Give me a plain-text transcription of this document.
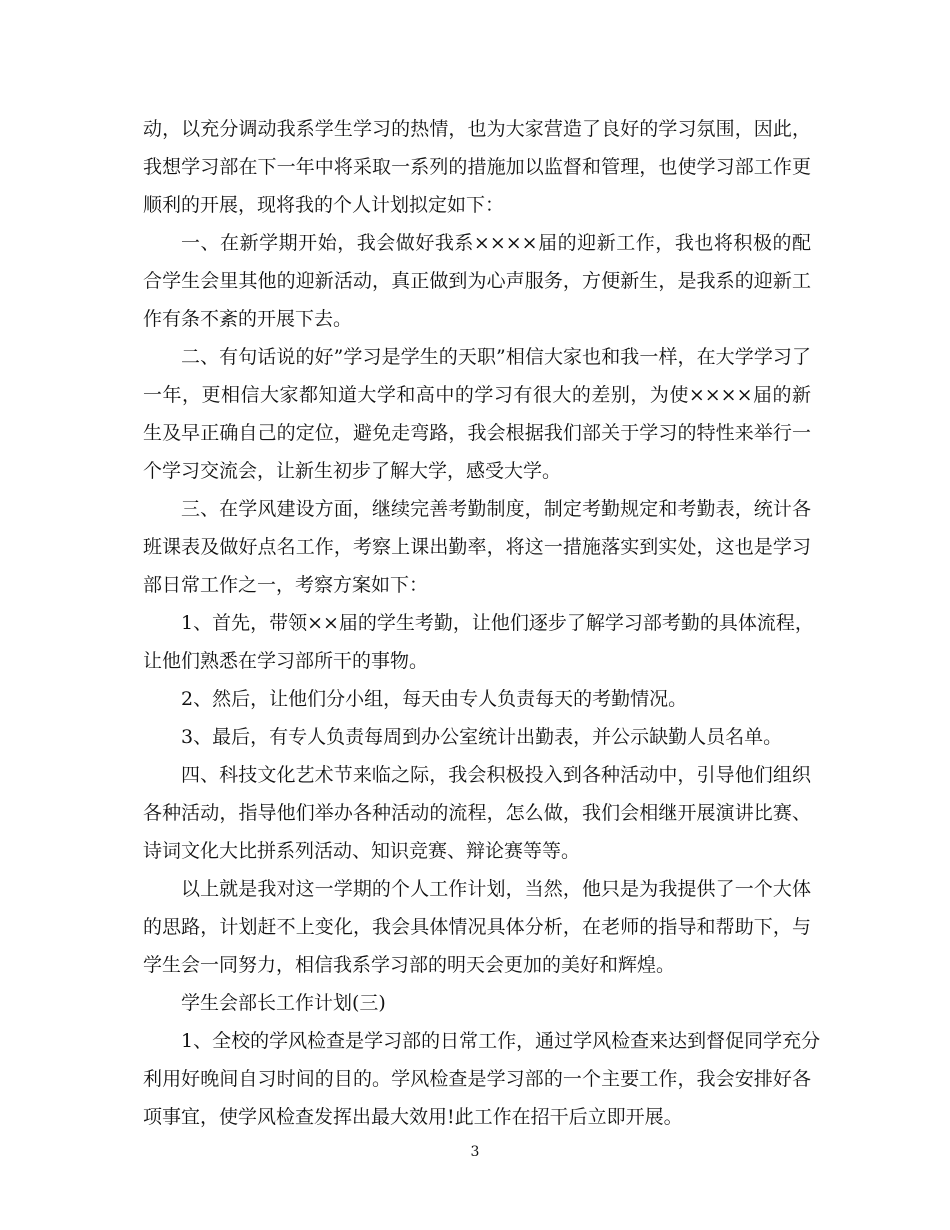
动，以充分调动我系学生学习的热情，也为大家营造了良好的学习氛围，因此，
我想学习部在下一年中将采取一系列的措施加以监督和管理，也使学习部工作更
顺利的开展，现将我的个人计划拟定如下：
一、在新学期开始，我会做好我系××××届的迎新工作，我也将积极的配
合学生会里其他的迎新活动，真正做到为心声服务，方便新生，是我系的迎新工
作有条不紊的开展下去。
二、有句话说的好”学习是学生的天职”相信大家也和我一样，在大学学习了
一年，更相信大家都知道大学和高中的学习有很大的差别，为使××××届的新
生及早正确自己的定位，避免走弯路，我会根据我们部关于学习的特性来举行一
个学习交流会，让新生初步了解大学，感受大学。
三、在学风建设方面，继续完善考勤制度，制定考勤规定和考勤表，统计各
班课表及做好点名工作，考察上课出勤率，将这一措施落实到实处，这也是学习
部日常工作之一，考察方案如下：
1、首先，带领××届的学生考勤，让他们逐步了解学习部考勤的具体流程，
让他们熟悉在学习部所干的事物。
2、然后，让他们分小组，每天由专人负责每天的考勤情况。
3、最后，有专人负责每周到办公室统计出勤表，并公示缺勤人员名单。
四、科技文化艺术节来临之际，我会积极投入到各种活动中，引导他们组织
各种活动，指导他们举办各种活动的流程，怎么做，我们会相继开展演讲比赛、
诗词文化大比拼系列活动、知识竞赛、辩论赛等等。
以上就是我对这一学期的个人工作计划，当然，他只是为我提供了一个大体
的思路，计划赶不上变化，我会具体情况具体分析，在老师的指导和帮助下，与
学生会一同努力，相信我系学习部的明天会更加的美好和辉煌。
学生会部长工作计划(三)
1、全校的学风检查是学习部的日常工作，通过学风检查来达到督促同学充分
利用好晚间自习时间的目的。学风检查是学习部的一个主要工作，我会安排好各
项事宜，使学风检查发挥出最大效用!此工作在招干后立即开展。
3
